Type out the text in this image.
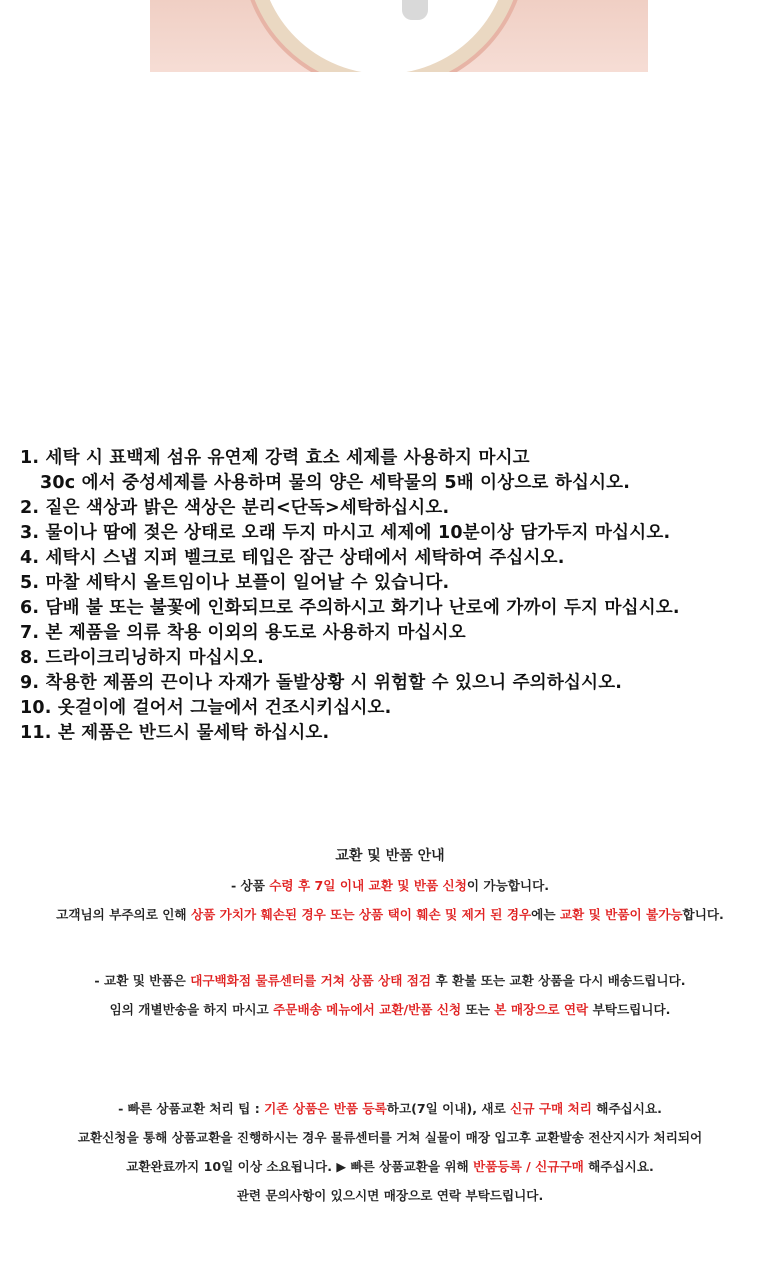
1. 세탁 시 표백제 섬유 유연제 강력 효소 세제를 사용하지 마시고
30c 에서 중성세제를 사용하며 물의 양은 세탁물의 5배 이상으로 하십시오.
2. 짙은 색상과 밝은 색상은 분리<단독>세탁하십시오.
3. 물이나 땀에 젖은 상태로 오래 두지 마시고 세제에 10분이상 담가두지 마십시오.
4. 세탁시 스냅 지퍼 벨크로 테입은 잠근 상태에서 세탁하여 주십시오.
5. 마찰 세탁시 올트임이나 보플이 일어날 수 있습니다.
6. 담배 불 또는 불꽃에 인화되므로 주의하시고 화기나 난로에 가까이 두지 마십시오.
7. 본 제품을 의류 착용 이외의 용도로 사용하지 마십시오
8. 드라이크리닝하지 마십시오.
9. 착용한 제품의 끈이나 자재가 돌발상황 시 위험할 수 있으니 주의하십시오.
10. 옷걸이에 걸어서 그늘에서 건조시키십시오.
11. 본 제품은 반드시 물세탁 하십시오.
교환 및 반품 안내
- 상품 수령 후 7일 이내 교환 및 반품 신청이 가능합니다.
고객님의 부주의로 인해 상품 가치가 훼손된 경우 또는 상품 택이 훼손 및 제거 된 경우에는 교환 및 반품이 불가능합니다.
- 교환 및 반품은 대구백화점 물류센터를 거쳐 상품 상태 점검 후 환불 또는 교환 상품을 다시 배송드립니다.
임의 개별반송을 하지 마시고 주문배송 메뉴에서 교환/반품 신청 또는 본 매장으로 연락 부탁드립니다.
- 빠른 상품교환 처리 팁 : 기존 상품은 반품 등록하고(7일 이내), 새로 신규 구매 처리 해주십시요.
교환신청을 통해 상품교환을 진행하시는 경우 물류센터를 거쳐 실물이 매장 입고후 교환발송 전산지시가 처리되어
교환완료까지 10일 이상 소요됩니다. ▶ 빠른 상품교환을 위해 반품등록 / 신규구매 해주십시요.
관련 문의사항이 있으시면 매장으로 연락 부탁드립니다.
